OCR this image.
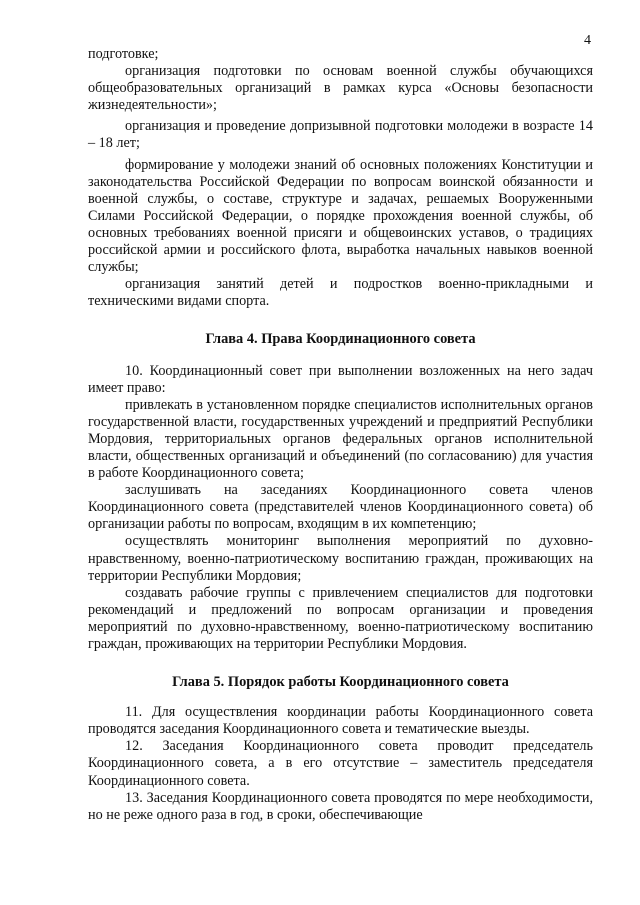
4

подготовке;

организация подготовки по основам военной службы обучающихся общеобразовательных организаций в рамках курса «Основы безопасности жизнедеятельности»;

организация и проведение допризывной подготовки молодежи в возрасте 14 – 18 лет;

формирование у молодежи знаний об основных положениях Конституции и законодательства Российской Федерации по вопросам воинской обязанности и военной службы, о составе, структуре и задачах, решаемых Вооруженными Силами Российской Федерации, о порядке прохождения военной службы, об основных требованиях военной присяги и общевоинских уставов, о традициях российской армии и российского флота, выработка начальных навыков военной службы;

организация занятий детей и подростков военно-прикладными и техническими видами спорта.

Глава 4. Права Координационного совета

10. Координационный совет при выполнении возложенных на него задач имеет право:

привлекать в установленном порядке специалистов исполнительных органов государственной власти, государственных учреждений и предприятий Республики Мордовия, территориальных органов федеральных органов исполнительной власти, общественных организаций и объединений (по согласованию) для участия в работе Координационного совета;

заслушивать на заседаниях Координационного совета членов Координационного совета (представителей членов Координационного совета) об организации работы по вопросам, входящим в их компетенцию;

осуществлять мониторинг выполнения мероприятий по духовно-нравственному, военно-патриотическому воспитанию граждан, проживающих на территории Республики Мордовия;

создавать рабочие группы с привлечением специалистов для подготовки рекомендаций и предложений по вопросам организации и проведения мероприятий по духовно-нравственному, военно-патриотическому воспитанию граждан, проживающих на территории Республики Мордовия.

Глава 5. Порядок работы Координационного совета

11. Для осуществления координации работы Координационного совета проводятся заседания Координационного совета и тематические выезды.

12. Заседания Координационного совета проводит председатель Координационного совета, а в его отсутствие – заместитель председателя Координационного совета.

13. Заседания Координационного совета проводятся по мере необходимости, но не реже одного раза в год, в сроки, обеспечивающие
